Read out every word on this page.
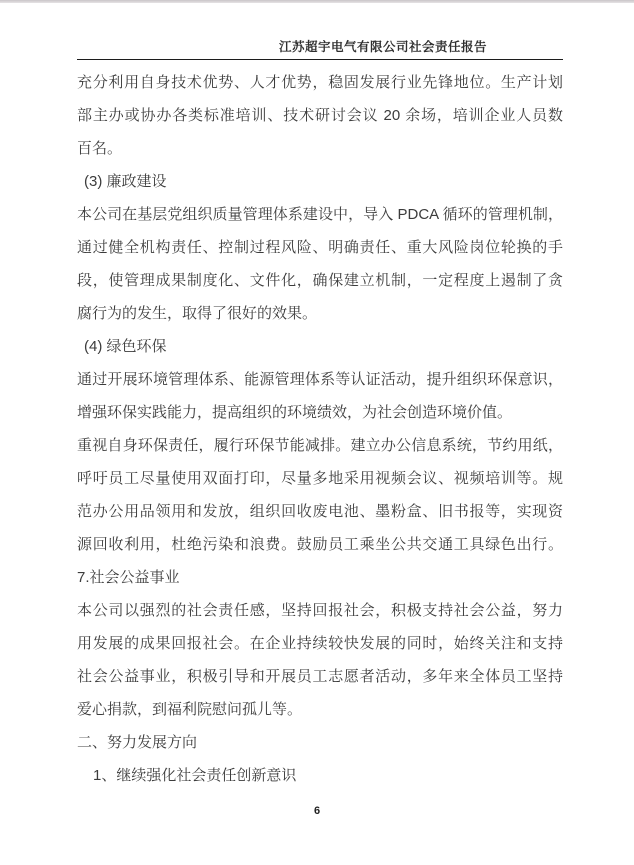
江苏超宇电气有限公司社会责任报告
充分利用自身技术优势、人才优势，稳固发展行业先锋地位。生产计划
部主办或协办各类标准培训、技术研讨会议 20 余场，培训企业人员数
百名。
(3) 廉政建设
本公司在基层党组织质量管理体系建设中，导入 PDCA 循环的管理机制，
通过健全机构责任、控制过程风险、明确责任、重大风险岗位轮换的手
段，使管理成果制度化、文件化，确保建立机制，一定程度上遏制了贪
腐行为的发生，取得了很好的效果。
(4) 绿色环保
通过开展环境管理体系、能源管理体系等认证活动，提升组织环保意识，
增强环保实践能力，提高组织的环境绩效，为社会创造环境价值。
重视自身环保责任，履行环保节能减排。建立办公信息系统，节约用纸，
呼吁员工尽量使用双面打印，尽量多地采用视频会议、视频培训等。规
范办公用品领用和发放，组织回收废电池、墨粉盒、旧书报等，实现资
源回收利用，杜绝污染和浪费。鼓励员工乘坐公共交通工具绿色出行。
7.社会公益事业
本公司以强烈的社会责任感，坚持回报社会，积极支持社会公益，努力
用发展的成果回报社会。在企业持续较快发展的同时，始终关注和支持
社会公益事业，积极引导和开展员工志愿者活动，多年来全体员工坚持
爱心捐款，到福利院慰问孤儿等。
二、努力发展方向
1、继续强化社会责任创新意识
6
